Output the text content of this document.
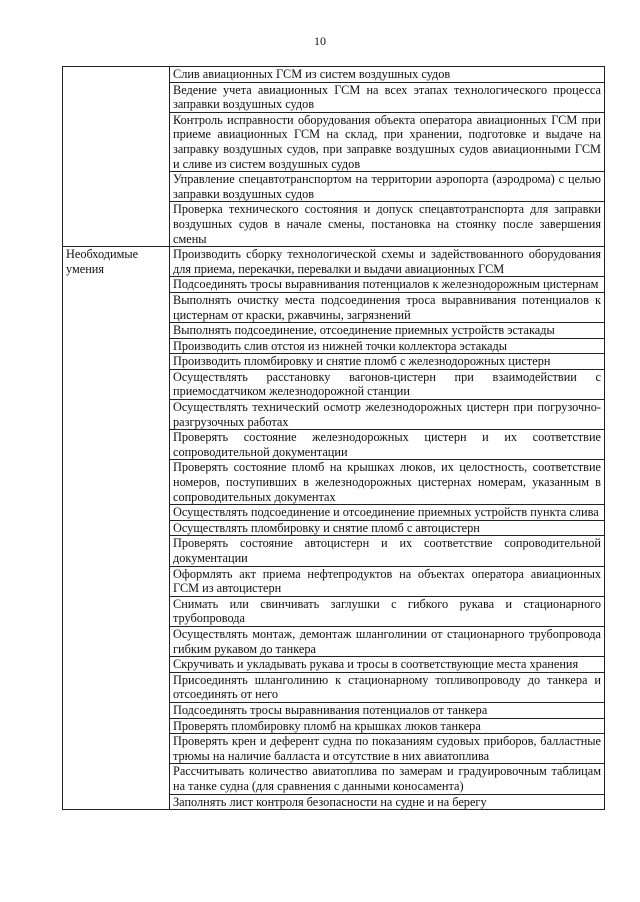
10
	Слив авиационных ГСМ из систем воздушных судов
	Ведение учета авиационных ГСМ на всех этапах технологического процесса заправки воздушных судов
	Контроль исправности оборудования объекта оператора авиационных ГСМ при приеме авиационных ГСМ на склад, при хранении, подготовке и выдаче на заправку воздушных судов, при заправке воздушных судов авиационными ГСМ и сливе из систем воздушных судов
	Управление спецавтотранспортом на территории аэропорта (аэродрома) с целью заправки воздушных судов
	Проверка технического состояния и допуск спецавтотранспорта для заправки воздушных судов в начале смены, постановка на стоянку после завершения смены
Необходимые умения	Производить сборку технологической схемы и задействованного оборудования для приема, перекачки, перевалки и выдачи авиационных ГСМ
	Подсоединять тросы выравнивания потенциалов к железнодорожным цистернам
	Выполнять очистку места подсоединения троса выравнивания потенциалов к цистернам от краски, ржавчины, загрязнений
	Выполнять подсоединение, отсоединение приемных устройств эстакады
	Производить слив отстоя из нижней точки коллектора эстакады
	Производить пломбировку и снятие пломб с железнодорожных цистерн
	Осуществлять расстановку вагонов-цистерн при взаимодействии с приемосдатчиком железнодорожной станции
	Осуществлять технический осмотр железнодорожных цистерн при погрузочно-разгрузочных работах
	Проверять состояние железнодорожных цистерн и их соответствие сопроводительной документации
	Проверять состояние пломб на крышках люков, их целостность, соответствие номеров, поступивших в железнодорожных цистернах номерам, указанным в сопроводительных документах
	Осуществлять подсоединение и отсоединение приемных устройств пункта слива
	Осуществлять пломбировку и снятие пломб с автоцистерн
	Проверять состояние автоцистерн и их соответствие сопроводительной документации
	Оформлять акт приема нефтепродуктов на объектах оператора авиационных ГСМ из автоцистерн
	Снимать или свинчивать заглушки с гибкого рукава и стационарного трубопровода
	Осуществлять монтаж, демонтаж шланголинии от стационарного трубопровода гибким рукавом до танкера
	Скручивать и укладывать рукава и тросы в соответствующие места хранения
	Присоединять шланголинию к стационарному топливопроводу до танкера и отсоединять от него
	Подсоединять тросы выравнивания потенциалов от танкера
	Проверять пломбировку пломб на крышках люков танкера
	Проверять крен и деферент судна по показаниям судовых приборов, балластные трюмы на наличие балласта и отсутствие в них авиатоплива
	Рассчитывать количество авиатоплива по замерам и градуировочным таблицам на танке судна (для сравнения с данными коносамента)
	Заполнять лист контроля безопасности на судне и на берегу
